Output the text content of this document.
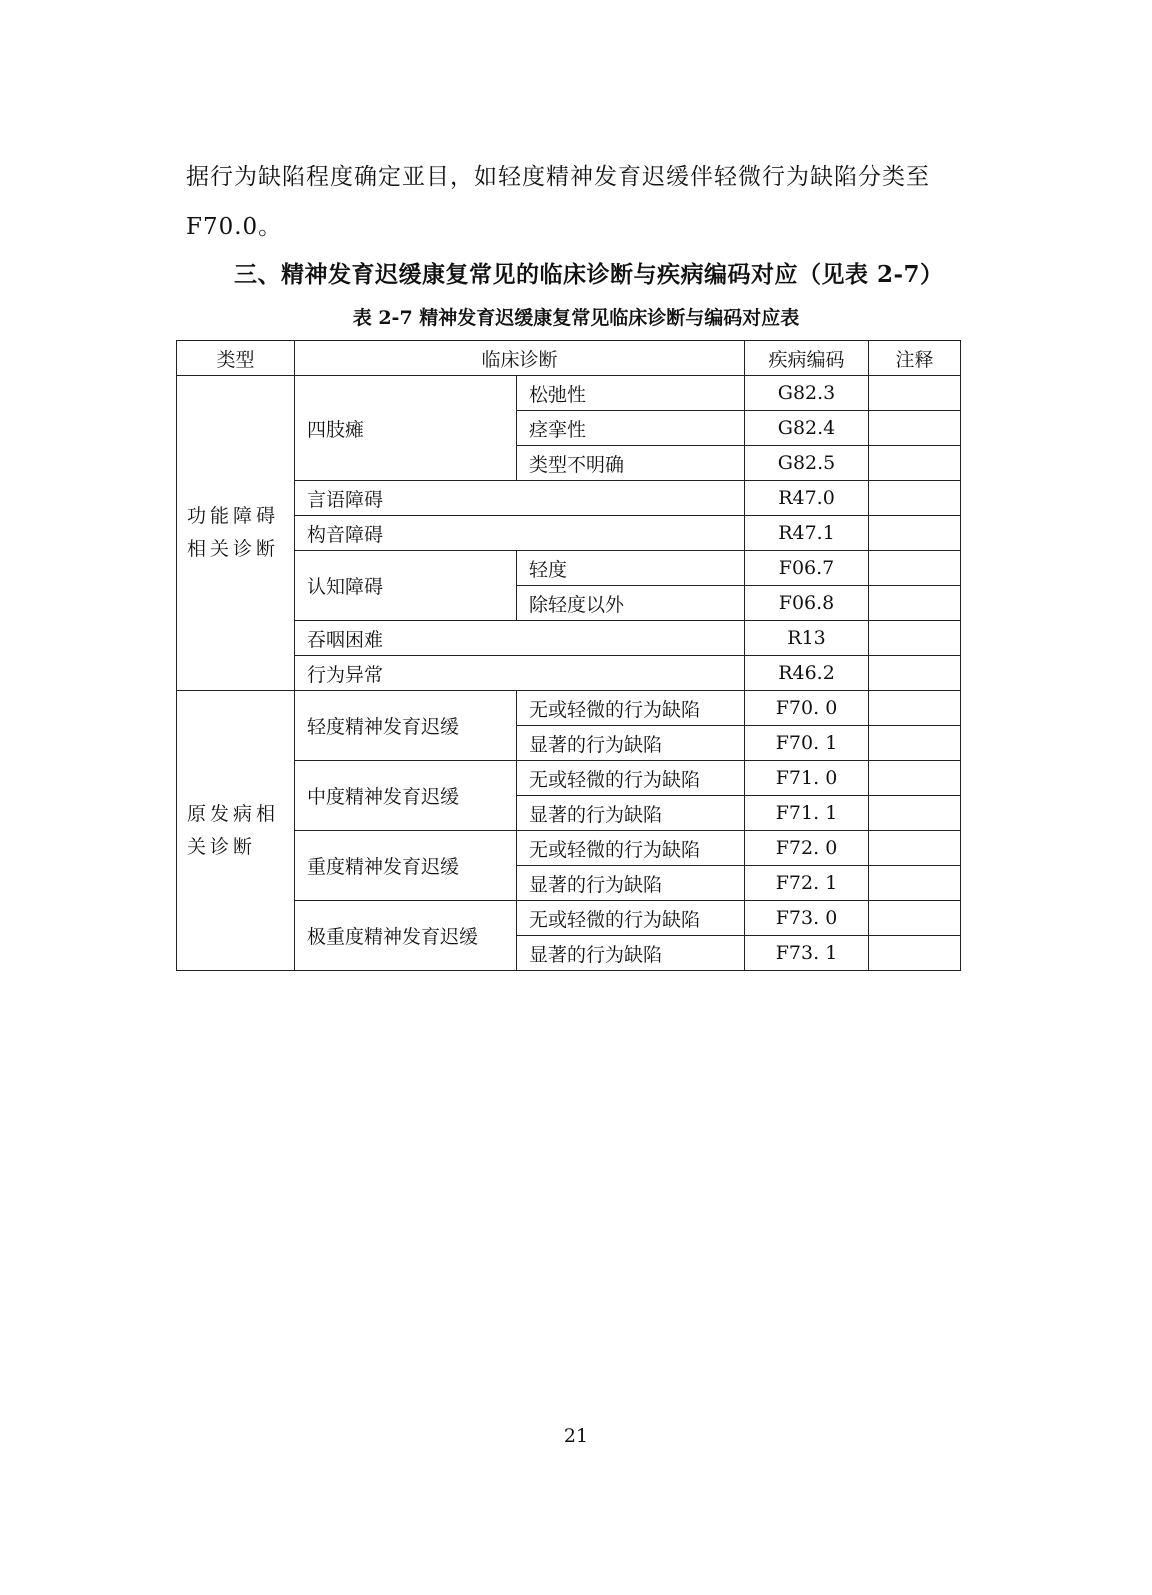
据行为缺陷程度确定亚目，如轻度精神发育迟缓伴轻微行为缺陷分类至
F70.0。
三、精神发育迟缓康复常见的临床诊断与疾病编码对应（见表 2-7）
表 2-7 精神发育迟缓康复常见临床诊断与编码对应表
类型	临床诊断		疾病编码	注释
功能障碍相关诊断	四肢瘫	松弛性	G82.3	
		痉挛性	G82.4	
		类型不明确	G82.5	
	言语障碍		R47.0	
	构音障碍		R47.1	
	认知障碍	轻度	F06.7	
		除轻度以外	F06.8	
	吞咽困难		R13	
	行为异常		R46.2	
原发病相关诊断	轻度精神发育迟缓	无或轻微的行为缺陷	F70. 0	
		显著的行为缺陷	F70. 1	
	中度精神发育迟缓	无或轻微的行为缺陷	F71. 0	
		显著的行为缺陷	F71. 1	
	重度精神发育迟缓	无或轻微的行为缺陷	F72. 0	
		显著的行为缺陷	F72. 1	
	极重度精神发育迟缓	无或轻微的行为缺陷	F73. 0	
		显著的行为缺陷	F73. 1	
21
